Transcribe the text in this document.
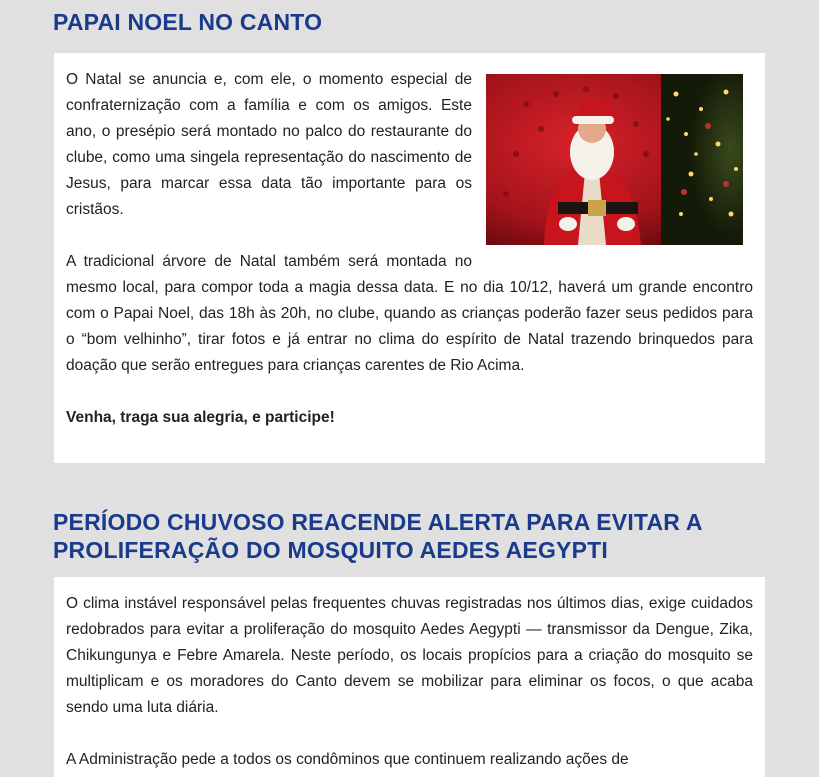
PAPAI NOEL NO CANTO

O Natal se anuncia e, com ele, o momento especial de confraternização com a família e com os amigos. Este ano, o presépio será montado no palco do restaurante do clube, como uma singela representação do nascimento de Jesus, para marcar essa data tão importante para os cristãos.

A tradicional árvore de Natal também será montada no mesmo local, para compor toda a magia dessa data. E no dia 10/12, haverá um grande encontro com o Papai Noel, das 18h às 20h, no clube, quando as crianças poderão fazer seus pedidos para o “bom velhinho”, tirar fotos e já entrar no clima do espírito de Natal trazendo brinquedos para doação que serão entregues para crianças carentes de Rio Acima.

Venha, traga sua alegria, e participe!

PERÍODO CHUVOSO REACENDE ALERTA PARA EVITAR A PROLIFERAÇÃO DO MOSQUITO AEDES AEGYPTI

O clima instável responsável pelas frequentes chuvas registradas nos últimos dias, exige cuidados redobrados para evitar a proliferação do mosquito Aedes Aegypti — transmissor da Dengue, Zika, Chikungunya e Febre Amarela. Neste período, os locais propícios para a criação do mosquito se multiplicam e os moradores do Canto devem se mobilizar para eliminar os focos, o que acaba sendo uma luta diária.

A Administração pede a todos os condôminos que continuem realizando ações de
